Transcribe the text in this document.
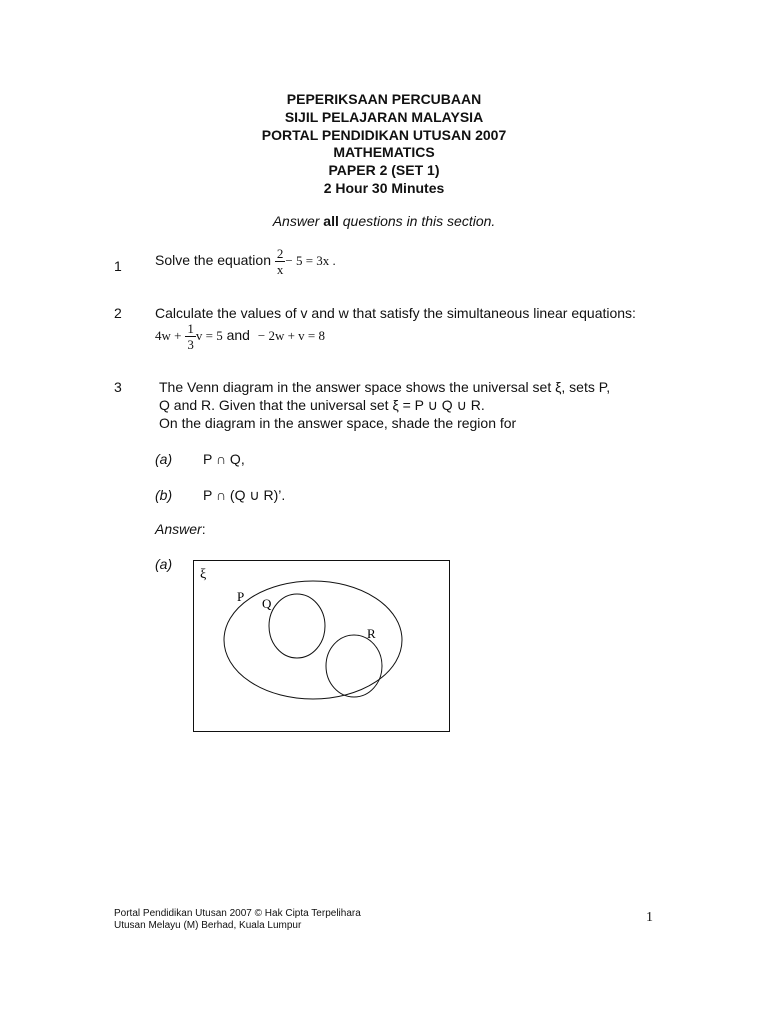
PEPERIKSAAN PERCUBAAN
SIJIL PELAJARAN MALAYSIA
PORTAL PENDIDIKAN UTUSAN 2007
MATHEMATICS
PAPER 2 (SET 1)
2 Hour 30 Minutes
Answer all questions in this section.
1 Solve the equation $\frac{2}{x} - 5 = 3x$ .
2 Calculate the values of v and w that satisfy the simultaneous linear equations:
$4w + \frac{1}{3}$ v = 5 and − 2w + v = 8
3	The Venn diagram in the answer space shows the universal set ξ, sets P,
Q and R. Given that the universal set ξ = P ∪ Q ∪ R.
On the diagram in the answer space, shade the region for
(a) P ∩ Q,
(b) P ∩ (Q ∪ R)’.
Answer:
(a)
ξ
P Q
R
Portal Pendidikan Utusan 2007 © Hak Cipta Terpelihara
Utusan Melayu (M) Berhad, Kuala Lumpur
1
